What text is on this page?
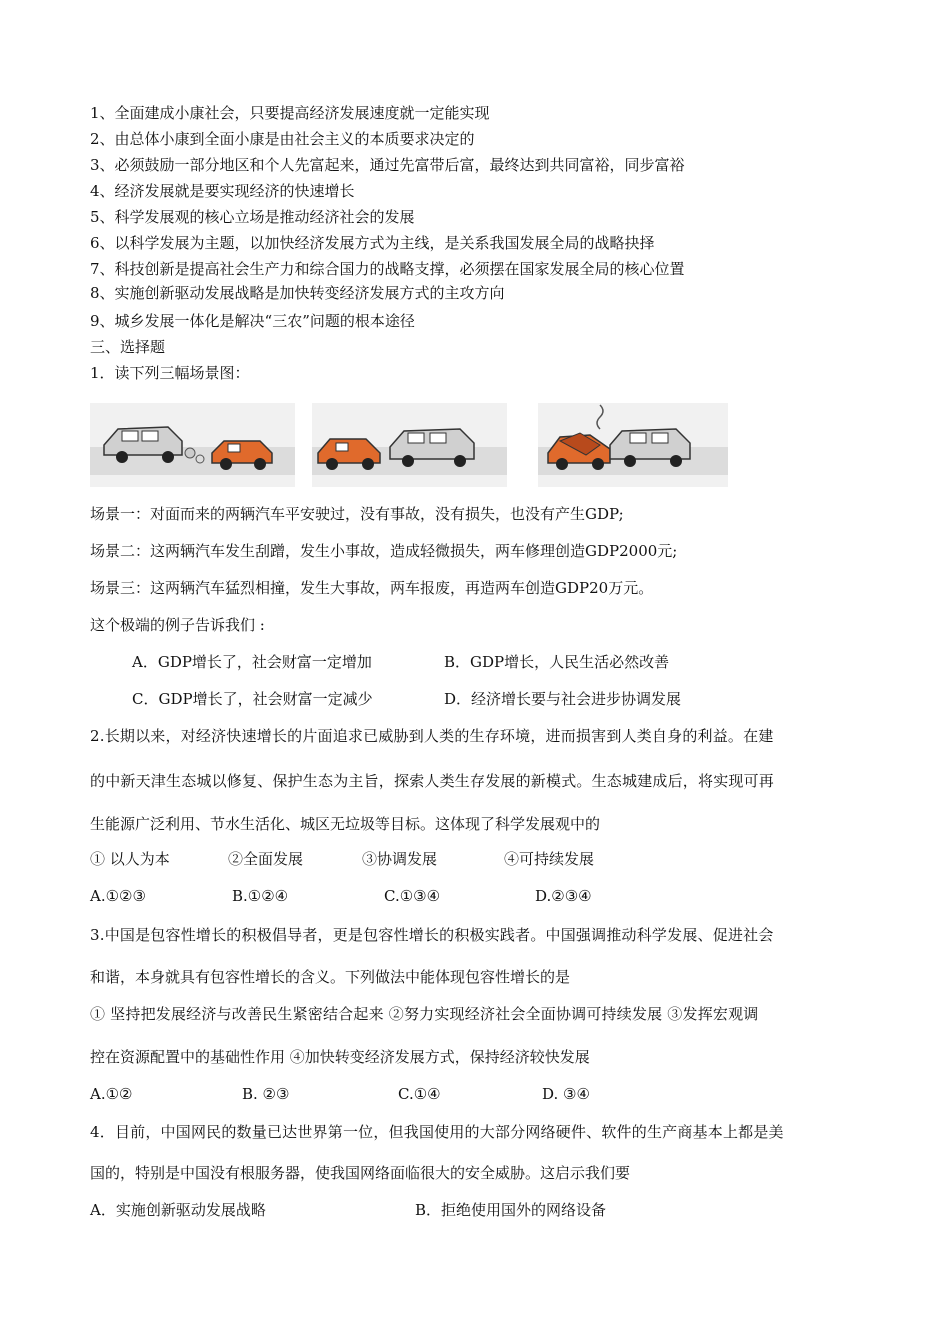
1、全面建成小康社会，只要提高经济发展速度就一定能实现
2、由总体小康到全面小康是由社会主义的本质要求决定的
3、必须鼓励一部分地区和个人先富起来，通过先富带后富，最终达到共同富裕，同步富裕
4、经济发展就是要实现经济的快速增长
5、科学发展观的核心立场是推动经济社会的发展
6、以科学发展为主题，以加快经济发展方式为主线，是关系我国发展全局的战略抉择
7、科技创新是提高社会生产力和综合国力的战略支撑，必须摆在国家发展全局的核心位置
8、实施创新驱动发展战略是加快转变经济发展方式的主攻方向
9、城乡发展一体化是解决“三农”问题的根本途径
三、选择题
1．读下列三幅场景图：
场景一：对面而来的两辆汽车平安驶过，没有事故，没有损失，也没有产生GDP;
场景二：这两辆汽车发生刮蹭，发生小事故，造成轻微损失，两车修理创造GDP2000元;
场景三：这两辆汽车猛烈相撞，发生大事故，两车报废，再造两车创造GDP20万元。
这个极端的例子告诉我们 :
A．GDP增长了，社会财富一定增加	B．GDP增长，人民生活必然改善
C．GDP增长了，社会财富一定减少	D．经济增长要与社会进步协调发展
2.长期以来，对经济快速增长的片面追求已威胁到人类的生存环境，进而损害到人类自身的利益。在建
的中新天津生态城以修复、保护生态为主旨，探索人类生存发展的新模式。生态城建成后，将实现可再
生能源广泛利用、节水生活化、城区无垃圾等目标。这体现了科学发展观中的
① 以人为本	②全面发展	③协调发展	④可持续发展
A.①②③	B.①②④	C.①③④	D.②③④
3.中国是包容性增长的积极倡导者，更是包容性增长的积极实践者。中国强调推动科学发展、促进社会
和谐，本身就具有包容性增长的含义。下列做法中能体现包容性增长的是
① 坚持把发展经济与改善民生紧密结合起来 ②努力实现经济社会全面协调可持续发展 ③发挥宏观调
控在资源配置中的基础性作用 ④加快转变经济发展方式，保持经济较快发展
A.①②	B. ②③	C.①④	D. ③④
4．目前，中国网民的数量已达世界第一位，但我国使用的大部分网络硬件、软件的生产商基本上都是美
国的，特别是中国没有根服务器，使我国网络面临很大的安全威胁。这启示我们要
A．实施创新驱动发展战略	B．拒绝使用国外的网络设备
